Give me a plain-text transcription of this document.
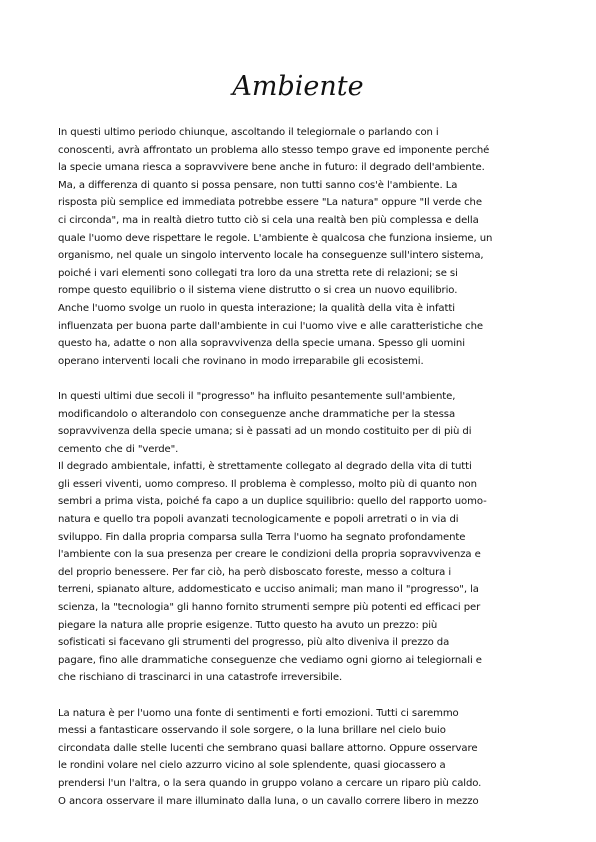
Ambiente
In questi ultimo periodo chiunque, ascoltando il telegiornale o parlando con i
conoscenti, avrà affrontato un problema allo stesso tempo grave ed imponente perché
la specie umana riesca a sopravvivere bene anche in futuro: il degrado dell'ambiente.
Ma, a differenza di quanto si possa pensare, non tutti sanno cos'è l'ambiente. La
risposta più semplice ed immediata potrebbe essere "La natura" oppure "Il verde che
ci circonda", ma in realtà dietro tutto ciò si cela una realtà ben più complessa e della
quale l'uomo deve rispettare le regole. L'ambiente è qualcosa che funziona insieme, un
organismo, nel quale un singolo intervento locale ha conseguenze sull'intero sistema,
poiché i vari elementi sono collegati tra loro da una stretta rete di relazioni; se si
rompe questo equilibrio o il sistema viene distrutto o si crea un nuovo equilibrio.
Anche l'uomo svolge un ruolo in questa interazione; la qualità della vita è infatti
influenzata per buona parte dall'ambiente in cui l'uomo vive e alle caratteristiche che
questo ha, adatte o non alla sopravvivenza della specie umana. Spesso gli uomini
operano interventi locali che rovinano in modo irreparabile gli ecosistemi.
In questi ultimi due secoli il "progresso" ha influito pesantemente sull'ambiente,
modificandolo o alterandolo con conseguenze anche drammatiche per la stessa
sopravvivenza della specie umana; si è passati ad un mondo costituito per di più di
cemento che di "verde".
Il degrado ambientale, infatti, è strettamente collegato al degrado della vita di tutti
gli esseri viventi, uomo compreso. Il problema è complesso, molto più di quanto non
sembri a prima vista, poiché fa capo a un duplice squilibrio: quello del rapporto uomo-
natura e quello tra popoli avanzati tecnologicamente e popoli arretrati o in via di
sviluppo. Fin dalla propria comparsa sulla Terra l'uomo ha segnato profondamente
l'ambiente con la sua presenza per creare le condizioni della propria sopravvivenza e
del proprio benessere. Per far ciò, ha però disboscato foreste, messo a coltura i
terreni, spianato alture, addomesticato e ucciso animali; man mano il "progresso", la
scienza, la "tecnologia" gli hanno fornito strumenti sempre più potenti ed efficaci per
piegare la natura alle proprie esigenze. Tutto questo ha avuto un prezzo: più
sofisticati si facevano gli strumenti del progresso, più alto diveniva il prezzo da
pagare, fino alle drammatiche conseguenze che vediamo ogni giorno ai telegiornali e
che rischiano di trascinarci in una catastrofe irreversibile.
La natura è per l'uomo una fonte di sentimenti e forti emozioni. Tutti ci saremmo
messi a fantasticare osservando il sole sorgere, o la luna brillare nel cielo buio
circondata dalle stelle lucenti che sembrano quasi ballare attorno. Oppure osservare
le rondini volare nel cielo azzurro vicino al sole splendente, quasi giocassero a
prendersi l'un l'altra, o la sera quando in gruppo volano a cercare un riparo più caldo.
O ancora osservare il mare illuminato dalla luna, o un cavallo correre libero in mezzo
